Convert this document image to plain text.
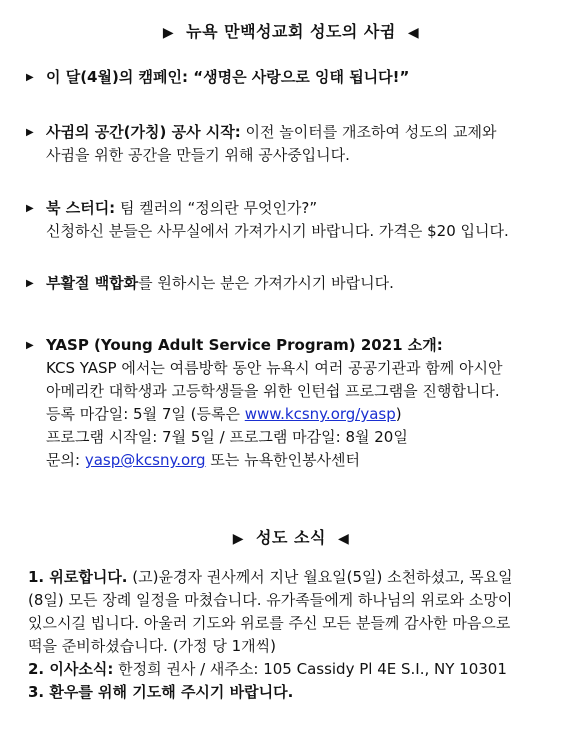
▶ 뉴욕 만백성교회 성도의 사귐 ◀
▶ 이 달(4월)의 캠페인: “생명은 사랑으로 잉태 됩니다!”
▶ 사귐의 공간(가칭) 공사 시작: 이전 놀이터를 개조하여 성도의 교제와
사귐을 위한 공간을 만들기 위해 공사중입니다.
▶ 북 스터디: 팀 켈러의 “정의란 무엇인가?”
신청하신 분들은 사무실에서 가져가시기 바랍니다. 가격은 $20 입니다.
▶ 부활절 백합화를 원하시는 분은 가져가시기 바랍니다.
▶ YASP (Young Adult Service Program) 2021 소개:
KCS YASP 에서는 여름방학 동안 뉴욕시 여러 공공기관과 함께 아시안
아메리칸 대학생과 고등학생들을 위한 인턴쉽 프로그램을 진행합니다.
등록 마감일: 5월 7일 (등록은 www.kcsny.org/yasp)
프로그램 시작일: 7월 5일 / 프로그램 마감일: 8월 20일
문의: yasp@kcsny.org 또는 뉴욕한인봉사센터
▶ 성도 소식 ◀
1. 위로합니다. (고)윤경자 권사께서 지난 월요일(5일) 소천하셨고, 목요일
(8일) 모든 장례 일정을 마쳤습니다. 유가족들에게 하나님의 위로와 소망이
있으시길 빕니다. 아울러 기도와 위로를 주신 모든 분들께 감사한 마음으로
떡을 준비하셨습니다. (가정 당 1개씩)
2. 이사소식: 한정희 권사 / 새주소: 105 Cassidy Pl 4E S.I., NY 10301
3. 환우를 위해 기도해 주시기 바랍니다.
